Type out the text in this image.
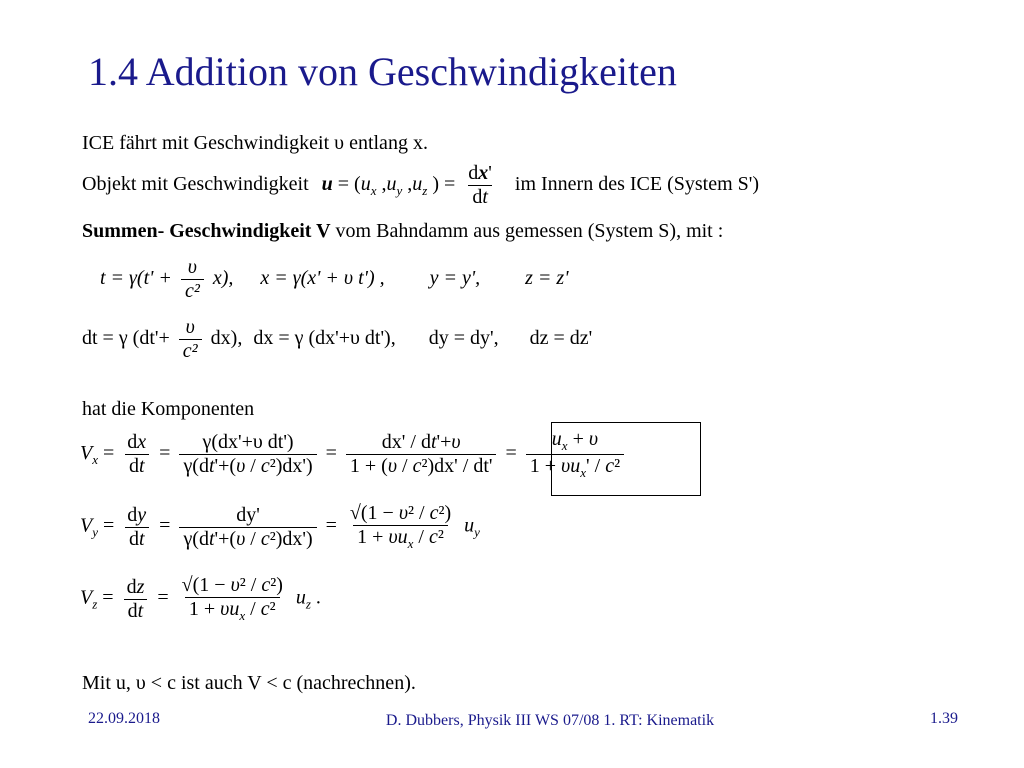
1.4 Addition von Geschwindigkeiten
ICE fährt mit Geschwindigkeit υ entlang x.
Objekt mit Geschwindigkeit $u = (u_x$ $,u_y$ $,u_z$ ) = $\frac{dx'}{dt}$ im Innern des ICE (System S')
Summen- Geschwindigkeit V vom Bahndamm aus gemessen (System S), mit :
$t = \gamma(t' + \frac{\upsilon}{\text{c²}} x)$, x = γ(x' + υ t') , y = y', z = z'
dt = γ $(dt'+ \frac{\upsilon}{\text{c²}} dx)$, dx = γ (dx'+υ dt'), dy = dy', dz = dz'
hat die Komponenten
$V_x = \frac{dx}{dt} = \frac{\text{γ(dx'+υ dt')}}{\text{γ(dt'+(υ / c²)dx')}} = \frac{dx' / dt'+\upsilon}{\text{1 + (υ / c²)dx' / dt'}} = \frac{u_x + \upsilon}{1 + \upsilon u_x' / c^2}$
$V_y = \frac{dy}{dt} = \frac{dy'}{\text{γ(dt'+(υ / c²)dx')}} = \frac{\text{√(1 − υ² / c²)}}{1 + \upsilon u_x / c^2} u_y$
$V_z = \frac{dz}{dt} = \frac{\text{√(1 − υ² / c²)}}{1 + \upsilon u_x / c^2} u_z$ .
Mit u, υ < c ist auch V < c (nachrechnen).
22.09.2018	D. Dubbers, Physik III WS 07/08 1. RT: Kinematik	1.39
